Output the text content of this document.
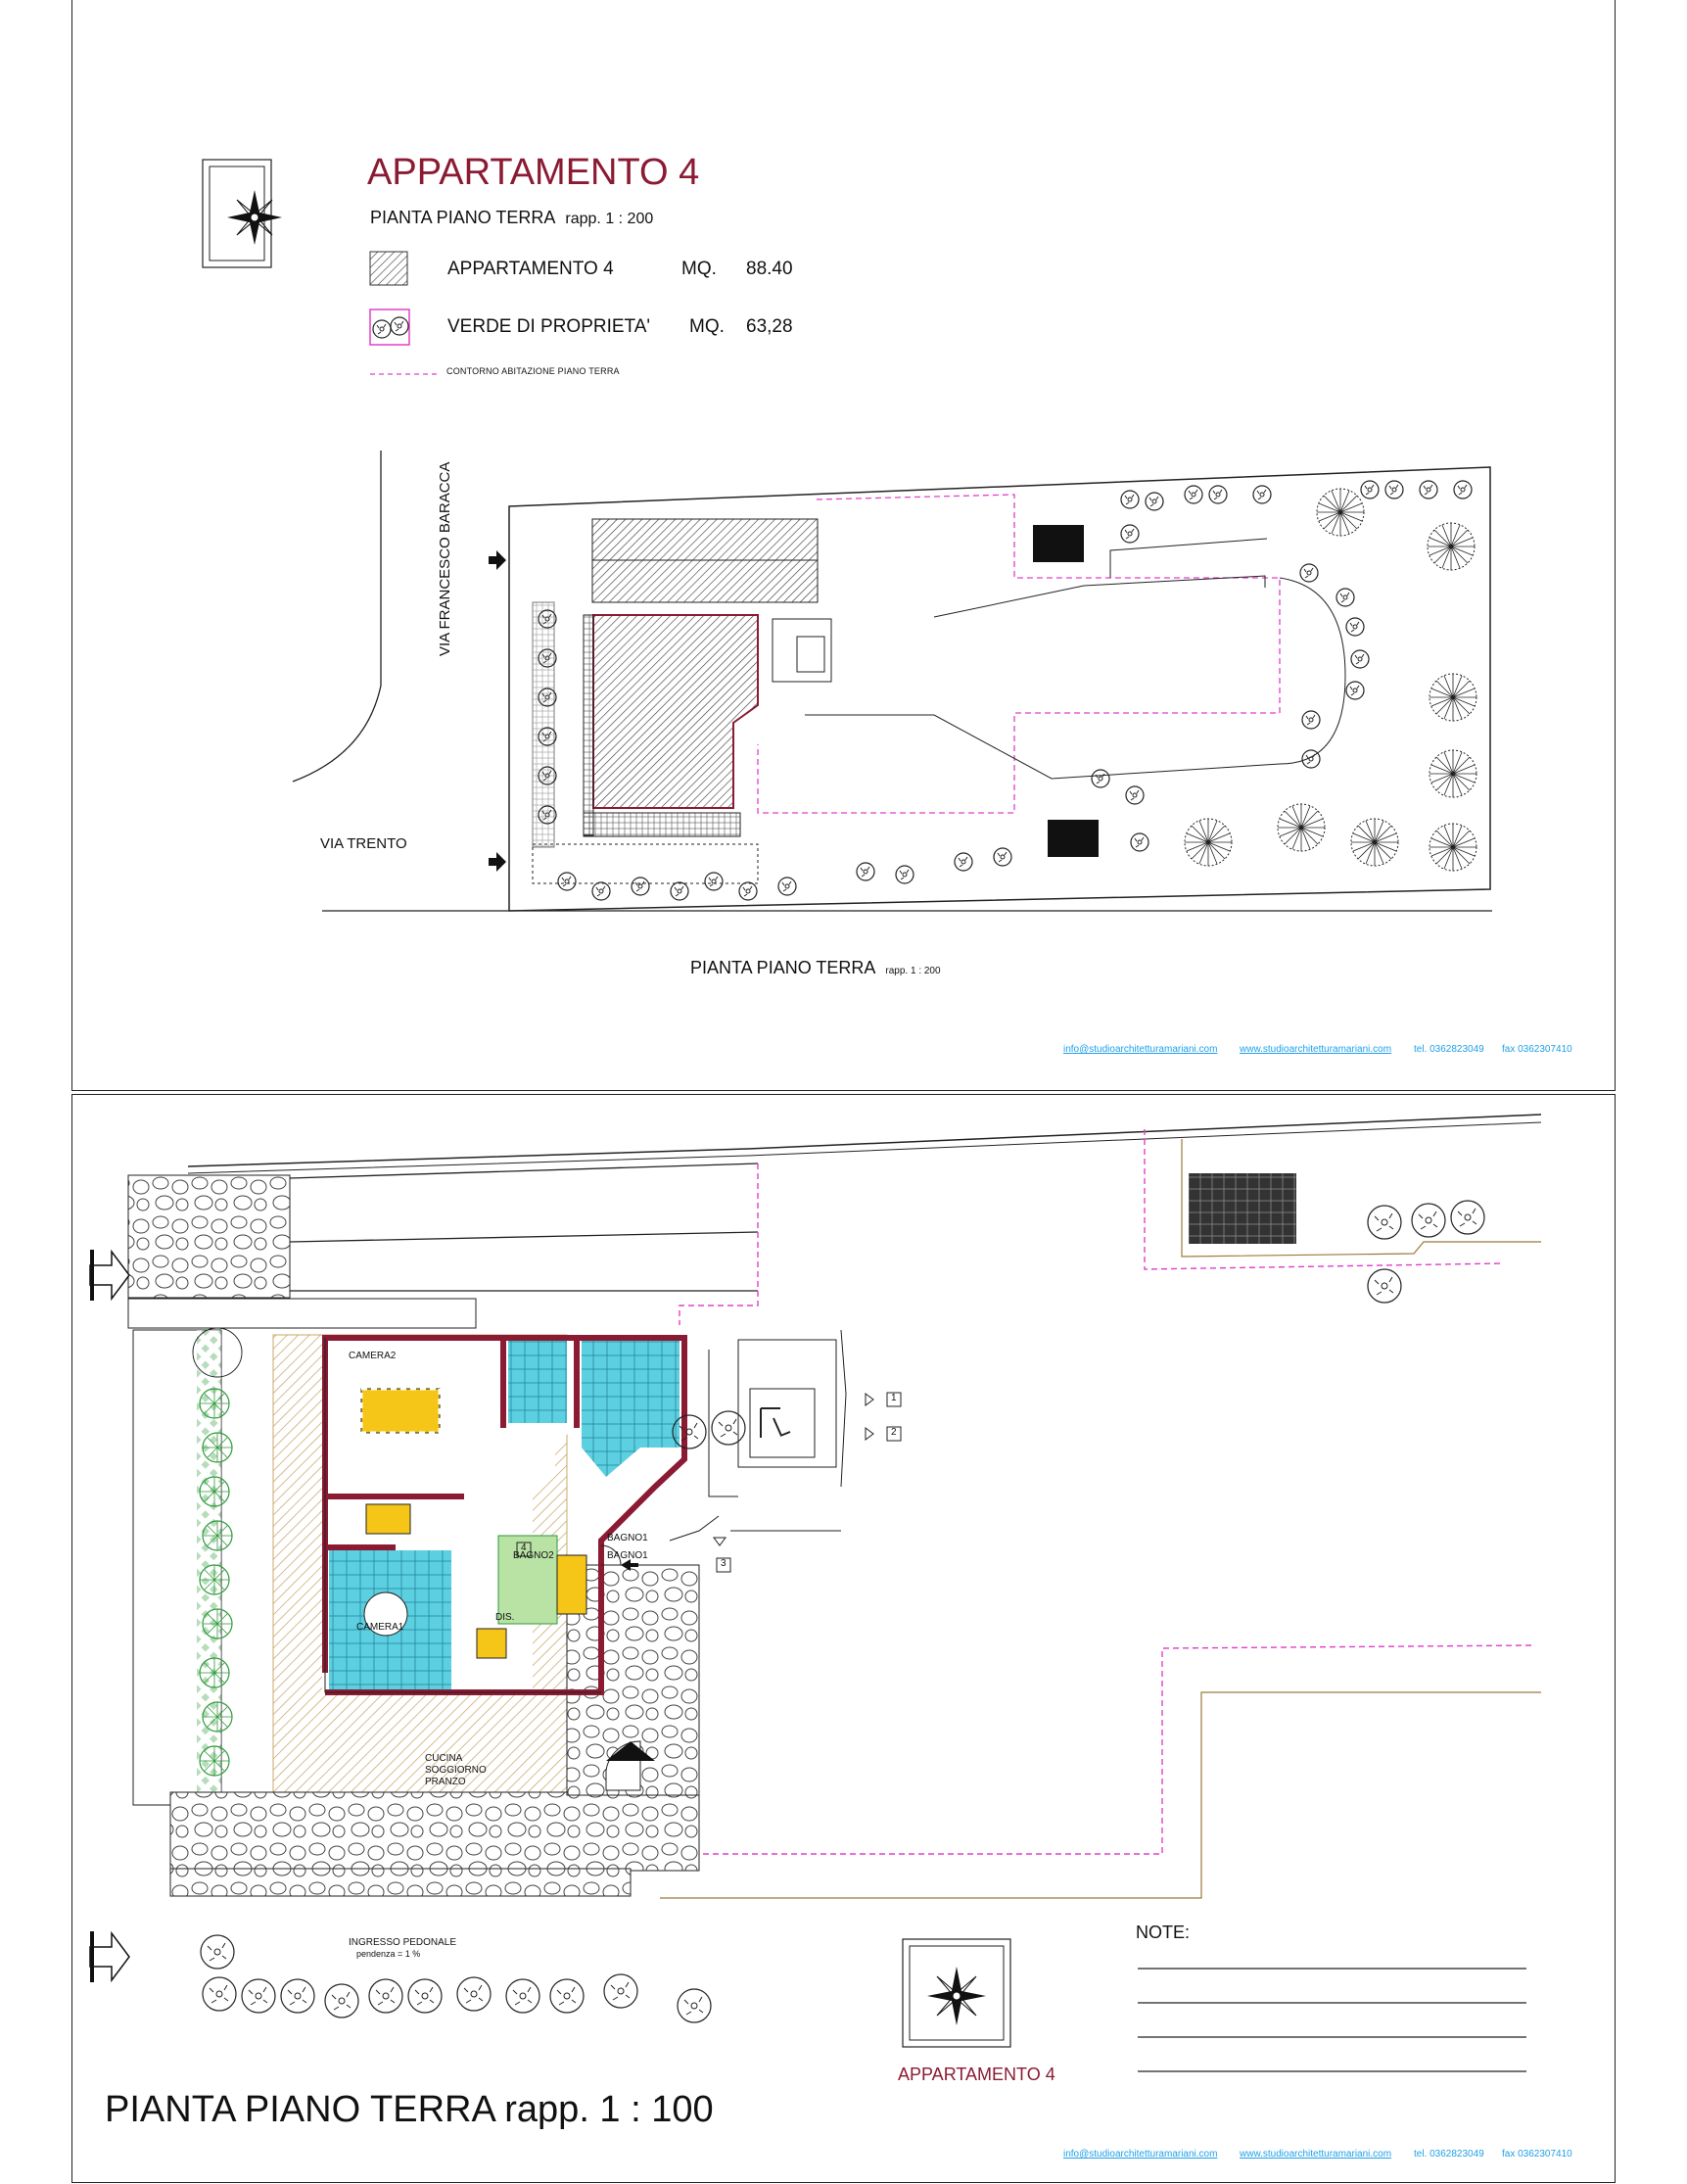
APPARTAMENTO 4
PIANTA PIANO TERRA rapp. 1 : 200
APPARTAMENTO 4	MQ. 88.40
VERDE DI PROPRIETA' MQ. 63,28
CONTORNO ABITAZIONE PIANO TERRA
VIA FRANCESCO BARACCA
VIA TRENTO
PIANTA PIANO TERRA rapp. 1 : 200
info@studioarchitetturamariani.com www.studioarchitetturamariani.com tel. 0362823049 fax 0362307410
CAMERA2
CAMERA1
DIS.
BAGNO2
BAGNO1
BAGNO1
CUCINA
SOGGIORNO
PRANZO
1
2
3
4
INGRESSO PEDONALE
pendenza = 1 %
NOTE:
APPARTAMENTO 4
PIANTA PIANO TERRA rapp. 1 : 100
info@studioarchitetturamariani.com www.studioarchitetturamariani.com tel. 0362823049 fax 0362307410
